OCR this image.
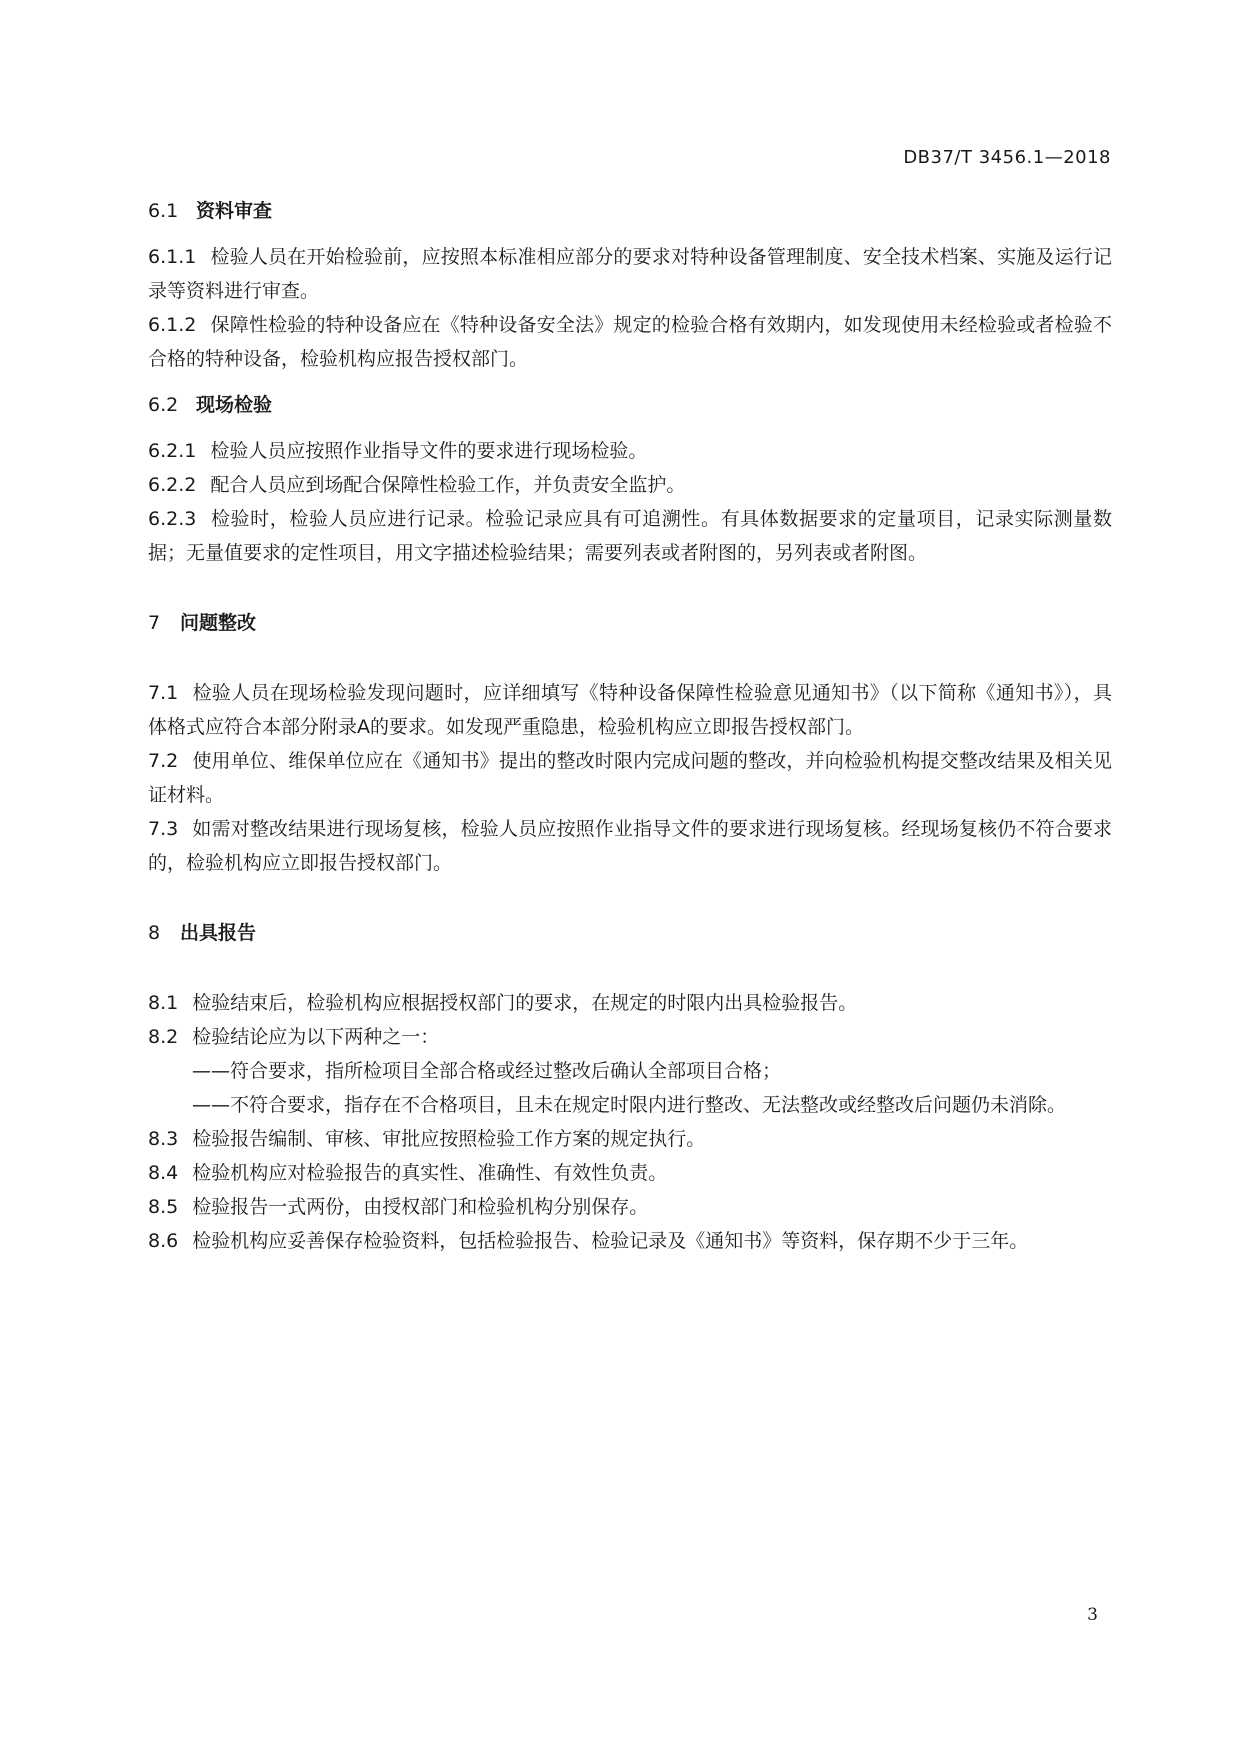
DB37/T 3456.1—2018

6.1 资料审查

6.1.1 检验人员在开始检验前，应按照本标准相应部分的要求对特种设备管理制度、安全技术档案、实施及运行记录等资料进行审查。

6.1.2 保障性检验的特种设备应在《特种设备安全法》规定的检验合格有效期内，如发现使用未经检验或者检验不合格的特种设备，检验机构应报告授权部门。

6.2 现场检验

6.2.1 检验人员应按照作业指导文件的要求进行现场检验。

6.2.2 配合人员应到场配合保障性检验工作，并负责安全监护。

6.2.3 检验时，检验人员应进行记录。检验记录应具有可追溯性。有具体数据要求的定量项目，记录实际测量数据；无量值要求的定性项目，用文字描述检验结果；需要列表或者附图的，另列表或者附图。

7 问题整改

7.1 检验人员在现场检验发现问题时，应详细填写《特种设备保障性检验意见通知书》（以下简称《通知书》），具体格式应符合本部分附录A的要求。如发现严重隐患，检验机构应立即报告授权部门。

7.2 使用单位、维保单位应在《通知书》提出的整改时限内完成问题的整改，并向检验机构提交整改结果及相关见证材料。

7.3 如需对整改结果进行现场复核，检验人员应按照作业指导文件的要求进行现场复核。经现场复核仍不符合要求的，检验机构应立即报告授权部门。

8 出具报告

8.1 检验结束后，检验机构应根据授权部门的要求，在规定的时限内出具检验报告。

8.2 检验结论应为以下两种之一：

——符合要求，指所检项目全部合格或经过整改后确认全部项目合格；

——不符合要求，指存在不合格项目，且未在规定时限内进行整改、无法整改或经整改后问题仍未消除。

8.3 检验报告编制、审核、审批应按照检验工作方案的规定执行。

8.4 检验机构应对检验报告的真实性、准确性、有效性负责。

8.5 检验报告一式两份，由授权部门和检验机构分别保存。

8.6 检验机构应妥善保存检验资料，包括检验报告、检验记录及《通知书》等资料，保存期不少于三年。

3
